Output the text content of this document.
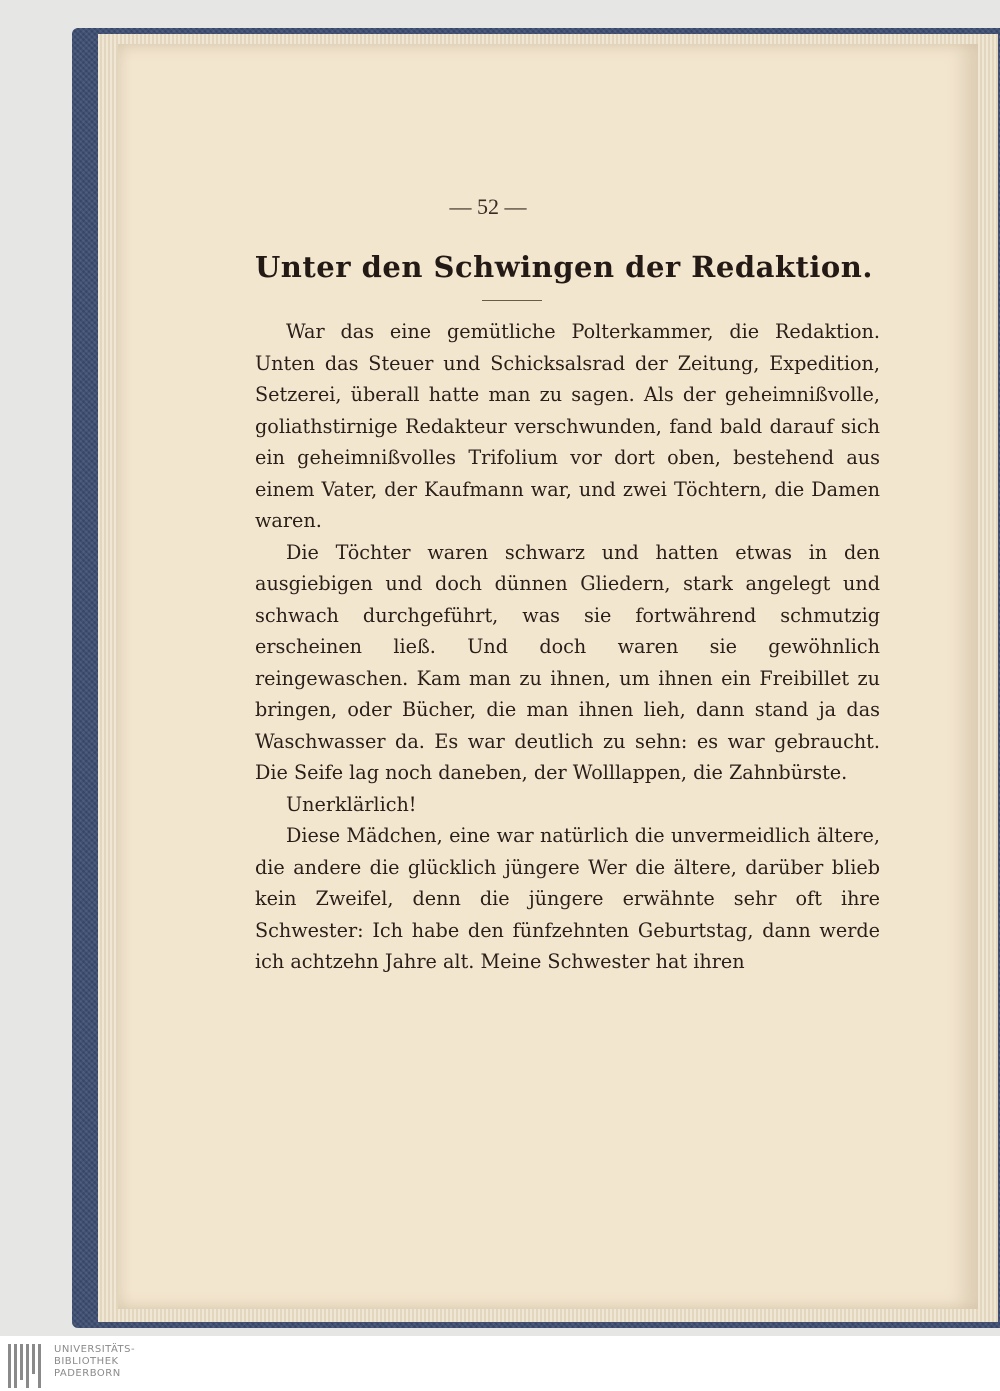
— 52 —
Unter den Schwingen der Redaktion.

War das eine gemütliche Polterkammer, die Redaktion. Unten das Steuer und Schicksalsrad der Zeitung, Expedition, Setzerei, überall hatte man zu sagen. Als der geheimnißvolle, goliathstirnige Redakteur verschwunden, fand bald darauf sich ein geheimnißvolles Trifolium vor dort oben, bestehend aus einem Vater, der Kaufmann war, und zwei Töchtern, die Damen waren.

Die Töchter waren schwarz und hatten etwas in den ausgiebigen und doch dünnen Gliedern, stark angelegt und schwach durchgeführt, was sie fortwährend schmutzig erscheinen ließ. Und doch waren sie gewöhnlich reingewaschen. Kam man zu ihnen, um ihnen ein Freibillet zu bringen, oder Bücher, die man ihnen lieh, dann stand ja das Waschwasser da. Es war deutlich zu sehn: es war gebraucht. Die Seife lag noch daneben, der Wolllappen, die Zahnbürste.

Unerklärlich!

Diese Mädchen, eine war natürlich die unvermeidlich ältere, die andere die glücklich jüngere Wer die ältere, darüber blieb kein Zweifel, denn die jüngere erwähnte sehr oft ihre Schwester: Ich habe den fünfzehnten Geburtstag, dann werde ich achtzehn Jahre alt. Meine Schwester hat ihren

UNIVERSITÄTS-
BIBLIOTHEK
PADERBORN
